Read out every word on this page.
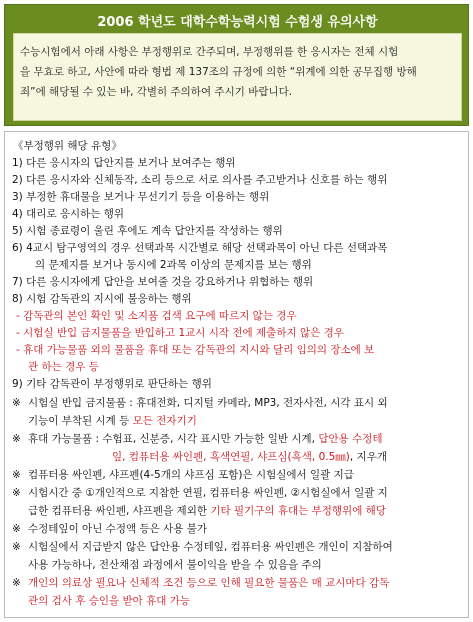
2006 학년도 대학수학능력시험 수험생 유의사항
수능시험에서 아래 사항은 부정행위로 간주되며, 부정행위를 한 응시자는 전체 시험
을 무효로 하고, 사안에 따라 형법 제 137조의 규정에 의한 “위계에 의한 공무집행 방해
죄”에 해당될 수 있는 바, 각별히 주의하여 주시기 바랍니다.
《부정행위 해당 유형》
1) 다른 응시자의 답안지를 보거나 보여주는 행위
2) 다른 응시자와 신체동작, 소리 등으로 서로 의사를 주고받거나 신호를 하는 행위
3) 부정한 휴대물을 보거나 무선기기 등을 이용하는 행위
4) 대리로 응시하는 행위
5) 시험 종료령이 울린 후에도 계속 답안지를 작성하는 행위
6) 4교시 탐구영역의 경우 선택과목 시간별로 해당 선택과목이 아닌 다른 선택과목
의 문제지를 보거나 동시에 2과목 이상의 문제지를 보는 행위
7) 다른 응시자에게 답안을 보여줄 것을 강요하거나 위협하는 행위
8) 시험 감독관의 지시에 불응하는 행위
- 감독관의 본인 확인 및 소지품 검색 요구에 따르지 않는 경우
- 시험실 반입 금지물품을 반입하고 1교시 시작 전에 제출하지 않은 경우
- 휴대 가능물품 외의 물품을 휴대 또는 감독관의 지시와 달리 임의의 장소에 보
관 하는 경우 등
9) 기타 감독관이 부정행위로 판단하는 행위
※ 시험실 반입 금지물품 : 휴대전화, 디지털 카메라, MP3, 전자사전, 시각 표시 외
기능이 부착된 시계 등 모든 전자기기
※ 휴대 가능물품 : 수험표, 신분증, 시각 표시만 가능한 일반 시계, 답안용 수정테
잎, 컴퓨터용 싸인펜, 흑색연필, 샤프심(흑색, 0.5㎜), 지우개
※ 컴퓨터용 싸인펜, 샤프펜(4-5개의 샤프심 포함)은 시험실에서 일괄 지급
※ 시험시간 중 ①개인적으로 지참한 연필, 컴퓨터용 싸인펜, ②시험실에서 일괄 지
급한 컴퓨터용 싸인펜, 샤프펜을 제외한 기타 필기구의 휴대는 부정행위에 해당
※ 수정테잎이 아닌 수정액 등은 사용 불가
※ 시험실에서 지급받지 않은 답안용 수정테잎, 컴퓨터용 싸인펜은 개인이 지참하여
사용 가능하나, 전산채점 과정에서 불이익을 받을 수 있음을 주의
※ 개인의 의료상 필요나 신체적 조건 등으로 인해 필요한 물품은 매 교시마다 감독
관의 검사 후 승인을 받아 휴대 가능
